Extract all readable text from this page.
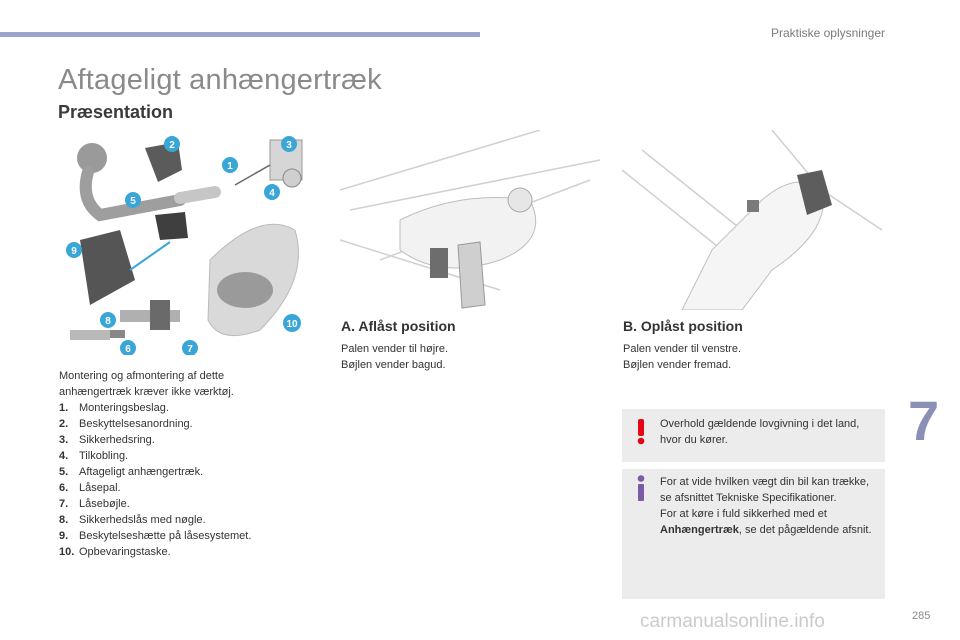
Praktiske oplysninger
Aftageligt anhængertræk
Præsentation
2	3
1
4
5
9
8
6	7
10
Montering og afmontering af dette anhængertræk kræver ikke værktøj.
1. Monteringsbeslag.
2. Beskyttelsesanordning.
3. Sikkerhedsring.
4. Tilkobling.
5. Aftageligt anhængertræk.
6. Låsepal.
7. Låsebøjle.
8. Sikkerhedslås med nøgle.
9. Beskytelseshætte på låsesystemet.
10. Opbevaringstaske.
A. Aflåst position
Palen vender til højre.
Bøjlen vender bagud.
B. Oplåst position
Palen vender til venstre.
Bøjlen vender fremad.
Overhold gældende lovgivning i det land, hvor du kører.
For at vide hvilken vægt din bil kan trække, se afsnittet Tekniske Specifikationer.
For at køre i fuld sikkerhed med et Anhængertræk, se det pågældende afsnit.
7
carmanualsonline.info	285
